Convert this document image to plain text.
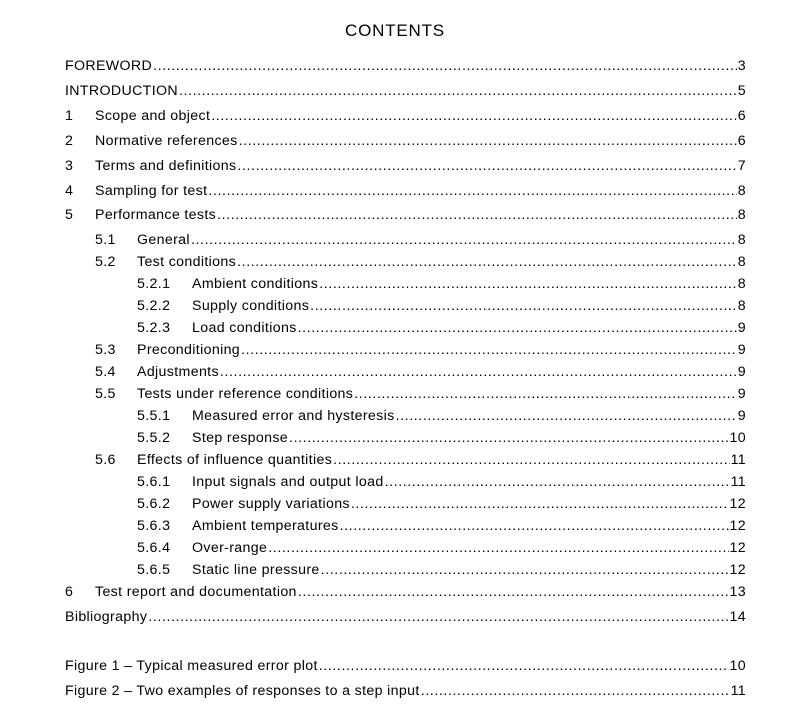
CONTENTS
FOREWORD .....	3
INTRODUCTION .....	5
1	Scope and object .....	6
2	Normative references .....	6
3	Terms and definitions .....	7
4	Sampling for test .....	8
5	Performance tests .....	8
5.1	General .....	8
5.2	Test conditions .....	8
5.2.1	Ambient conditions .....	8
5.2.2	Supply conditions .....	8
5.2.3	Load conditions .....	9
5.3	Preconditioning .....	9
5.4	Adjustments .....	9
5.5	Tests under reference conditions .....	9
5.5.1	Measured error and hysteresis .....	9
5.5.2	Step response .....	10
5.6	Effects of influence quantities .....	11
5.6.1	Input signals and output load .....	11
5.6.2	Power supply variations .....	12
5.6.3	Ambient temperatures .....	12
5.6.4	Over-range .....	12
5.6.5	Static line pressure .....	12
6	Test report and documentation .....	13
Bibliography .....	14
Figure 1 – Typical measured error plot .....	10
Figure 2 – Two examples of responses to a step input .....	11
